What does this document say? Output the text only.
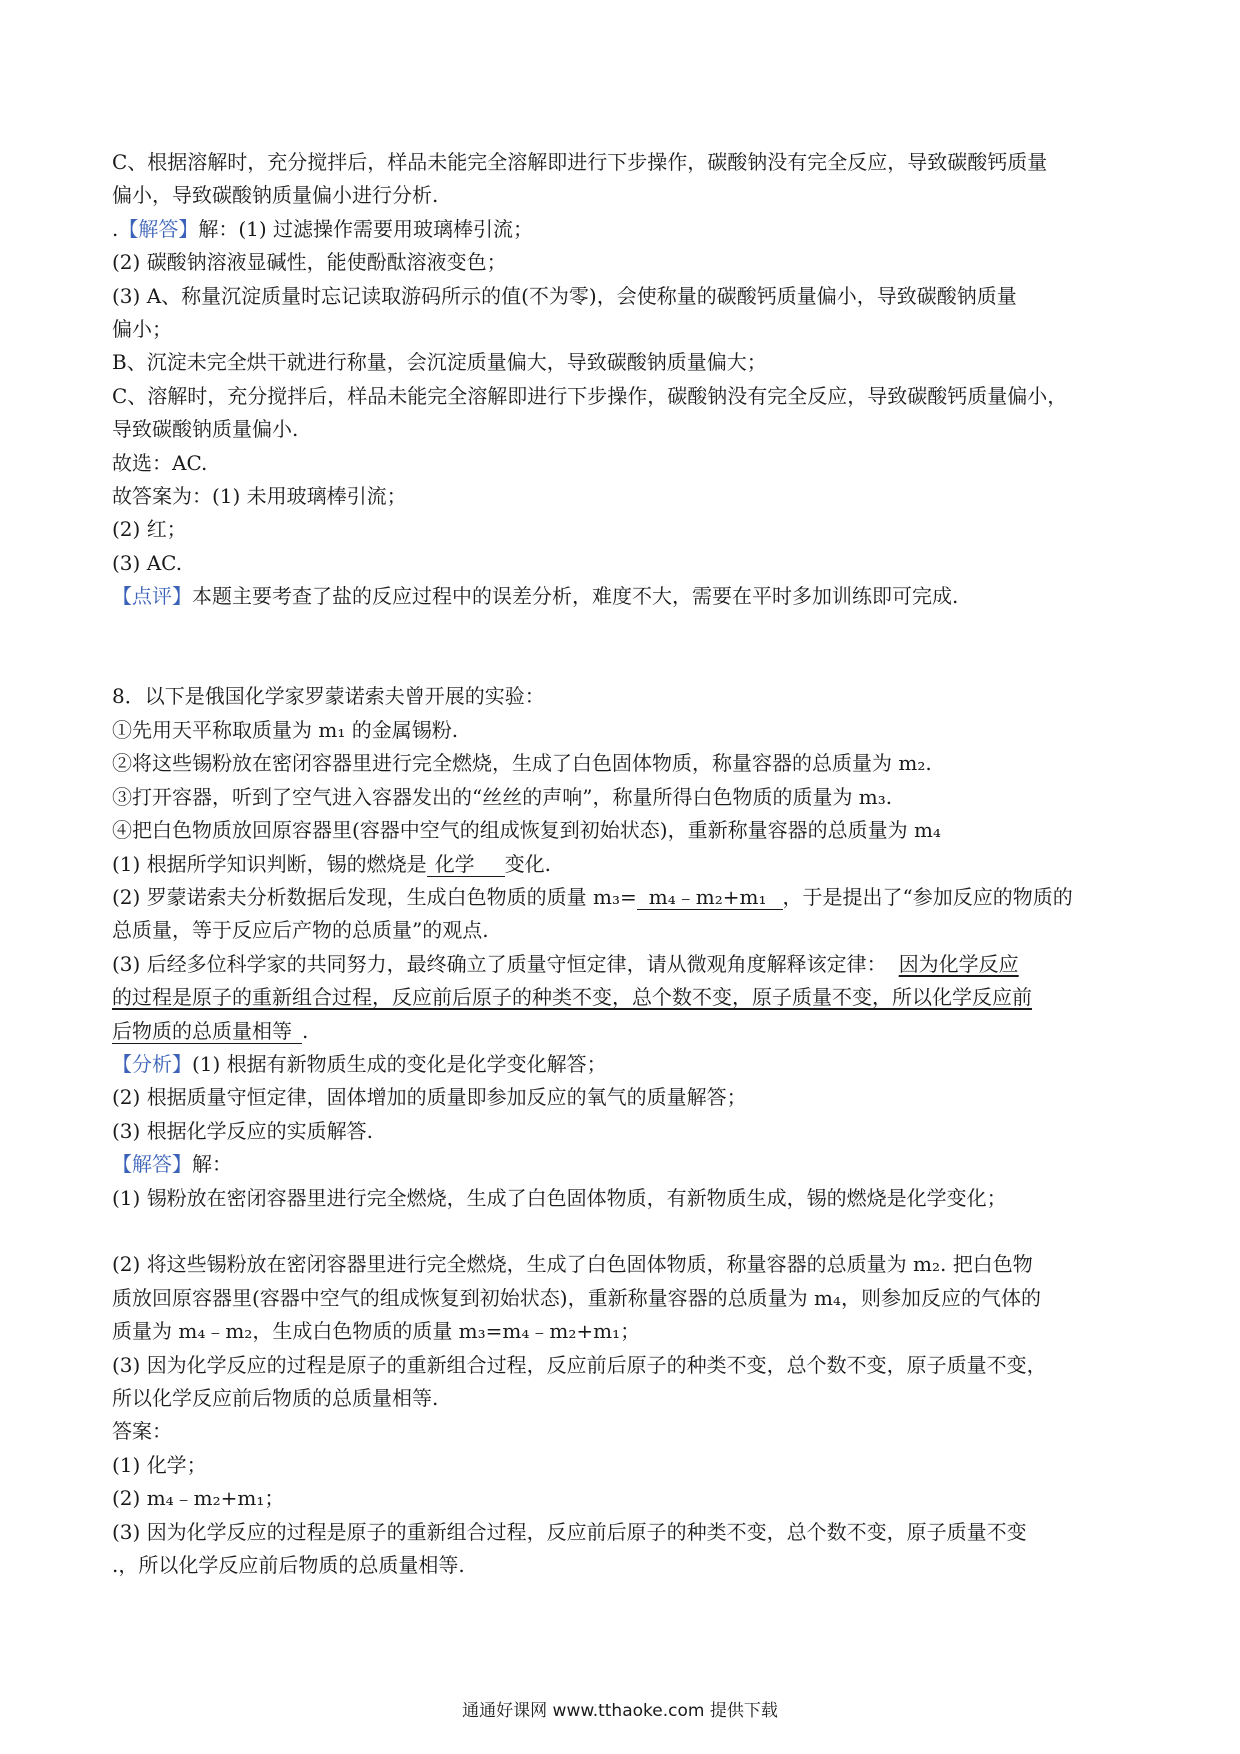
C、根据溶解时，充分搅拌后，样品未能完全溶解即进行下步操作，碳酸钠没有完全反应，导致碳酸钙质量
偏小，导致碳酸钠质量偏小进行分析.
.【解答】解：(1) 过滤操作需要用玻璃棒引流；
(2) 碳酸钠溶液显碱性，能使酚酞溶液变色；
(3) A、称量沉淀质量时忘记读取游码所示的值(不为零)，会使称量的碳酸钙质量偏小，导致碳酸钠质量
偏小；
B、沉淀未完全烘干就进行称量，会沉淀质量偏大，导致碳酸钠质量偏大；
C、溶解时，充分搅拌后，样品未能完全溶解即进行下步操作，碳酸钠没有完全反应，导致碳酸钙质量偏小，
导致碳酸钠质量偏小.
故选：AC.
故答案为：(1) 未用玻璃棒引流；
(2) 红；
(3) AC.
【点评】本题主要考查了盐的反应过程中的误差分析，难度不大，需要在平时多加训练即可完成.
8．以下是俄国化学家罗蒙诺索夫曾开展的实验：
①先用天平称取质量为 m₁ 的金属锡粉.
②将这些锡粉放在密闭容器里进行完全燃烧，生成了白色固体物质，称量容器的总质量为 m₂.
③打开容器，听到了空气进入容器发出的“丝丝的声响”，称量所得白色物质的质量为 m₃.
④把白色物质放回原容器里(容器中空气的组成恢复到初始状态)，重新称量容器的总质量为 m₄
(1) 根据所学知识判断，锡的燃烧是 化学 变化.
(2) 罗蒙诺索夫分析数据后发现，生成白色物质的质量 m₃= m₄﹣m₂+m₁ ，于是提出了“参加反应的物质的
总质量，等于反应后产物的总质量”的观点.
(3) 后经多位科学家的共同努力，最终确立了质量守恒定律，请从微观角度解释该定律： 因为化学反应
的过程是原子的重新组合过程，反应前后原子的种类不变，总个数不变，原子质量不变，所以化学反应前
后物质的总质量相等 .
【分析】(1) 根据有新物质生成的变化是化学变化解答；
(2) 根据质量守恒定律，固体增加的质量即参加反应的氧气的质量解答；
(3) 根据化学反应的实质解答.
【解答】解：
(1) 锡粉放在密闭容器里进行完全燃烧，生成了白色固体物质，有新物质生成，锡的燃烧是化学变化；
(2) 将这些锡粉放在密闭容器里进行完全燃烧，生成了白色固体物质，称量容器的总质量为 m₂. 把白色物
质放回原容器里(容器中空气的组成恢复到初始状态)，重新称量容器的总质量为 m₄，则参加反应的气体的
质量为 m₄﹣m₂，生成白色物质的质量 m₃=m₄﹣m₂+m₁；
(3) 因为化学反应的过程是原子的重新组合过程，反应前后原子的种类不变，总个数不变，原子质量不变，
所以化学反应前后物质的总质量相等.
答案：
(1) 化学；
(2) m₄﹣m₂+m₁；
(3) 因为化学反应的过程是原子的重新组合过程，反应前后原子的种类不变，总个数不变，原子质量不变
.，所以化学反应前后物质的总质量相等.
通通好课网 www.tthaoke.com 提供下载
